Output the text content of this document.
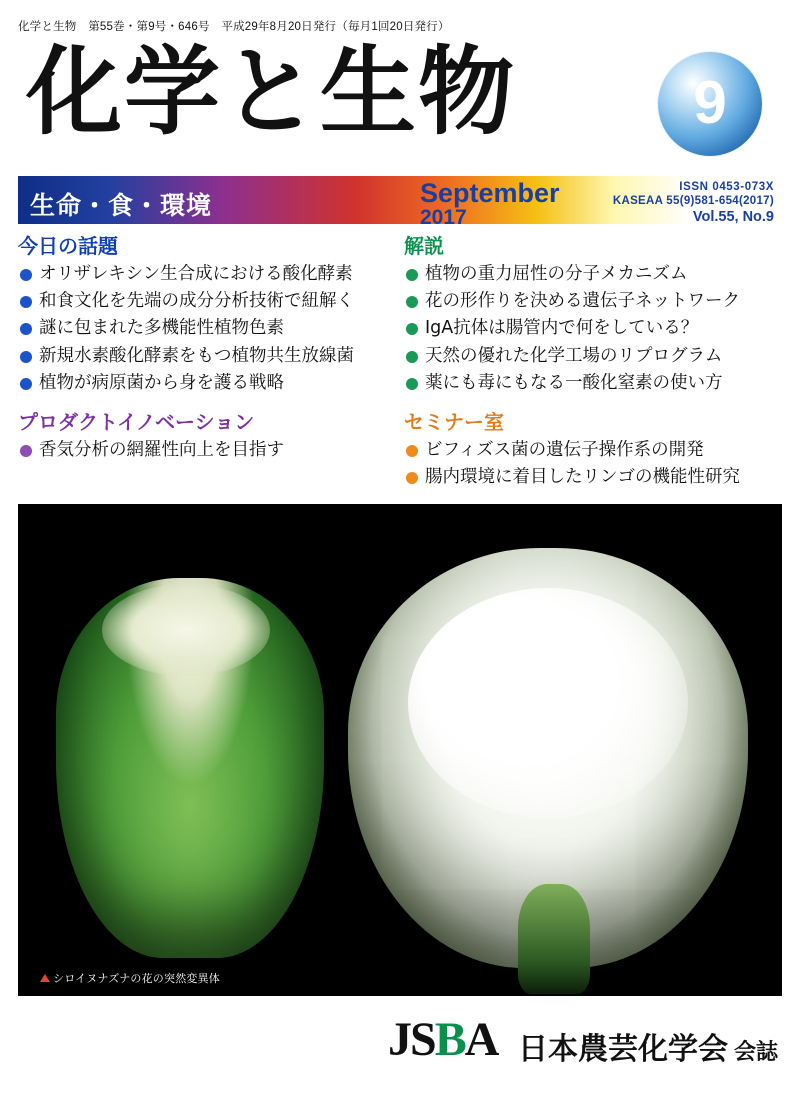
化学と生物　第55巻・第9号・646号　平成29年8月20日発行（毎月1回20日発行）
化学と生物	9
生命・食・環境	September
2017
ISSN 0453-073X
KASEAA 55(9)581-654(2017)
Vol.55, No.9
今日の話題
オリザレキシン生合成における酸化酵素
和食文化を先端の成分分析技術で紐解く
謎に包まれた多機能性植物色素
新規水素酸化酵素をもつ植物共生放線菌
植物が病原菌から身を護る戦略
プロダクトイノベーション
香気分析の網羅性向上を目指す
解説
植物の重力屈性の分子メカニズム
花の形作りを決める遺伝子ネットワーク
IgA抗体は腸管内で何をしている？
天然の優れた化学工場のリプログラム
薬にも毒にもなる一酸化窒素の使い方
セミナー室
ビフィズス菌の遺伝子操作系の開発
腸内環境に着目したリンゴの機能性研究
シロイヌナズナの花の突然変異体
JSBA 日本農芸化学会 会誌
